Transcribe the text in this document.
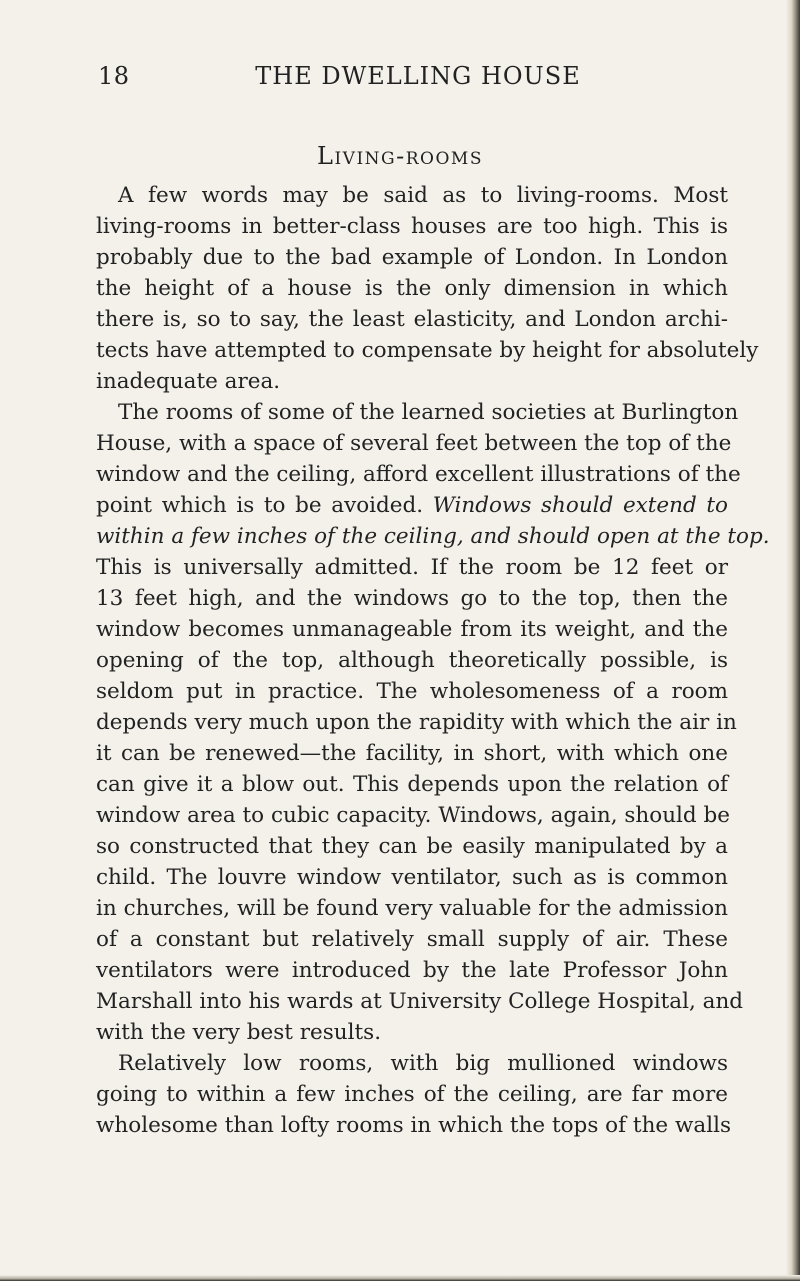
18	THE DWELLING HOUSE
Living-rooms
A few words may be said as to living-rooms. Most
living-rooms in better-class houses are too high. This is
probably due to the bad example of London. In London
the height of a house is the only dimension in which
there is, so to say, the least elasticity, and London archi-
tects have attempted to compensate by height for absolutely
inadequate area.
The rooms of some of the learned societies at Burlington
House, with a space of several feet between the top of the
window and the ceiling, afford excellent illustrations of the
point which is to be avoided. Windows should extend to
within a few inches of the ceiling, and should open at the top.
This is universally admitted. If the room be 12 feet or
13 feet high, and the windows go to the top, then the
window becomes unmanageable from its weight, and the
opening of the top, although theoretically possible, is
seldom put in practice. The wholesomeness of a room
depends very much upon the rapidity with which the air in
it can be renewed—the facility, in short, with which one
can give it a blow out. This depends upon the relation of
window area to cubic capacity. Windows, again, should be
so constructed that they can be easily manipulated by a
child. The louvre window ventilator, such as is common
in churches, will be found very valuable for the admission
of a constant but relatively small supply of air. These
ventilators were introduced by the late Professor John
Marshall into his wards at University College Hospital, and
with the very best results.
Relatively low rooms, with big mullioned windows
going to within a few inches of the ceiling, are far more
wholesome than lofty rooms in which the tops of the walls
